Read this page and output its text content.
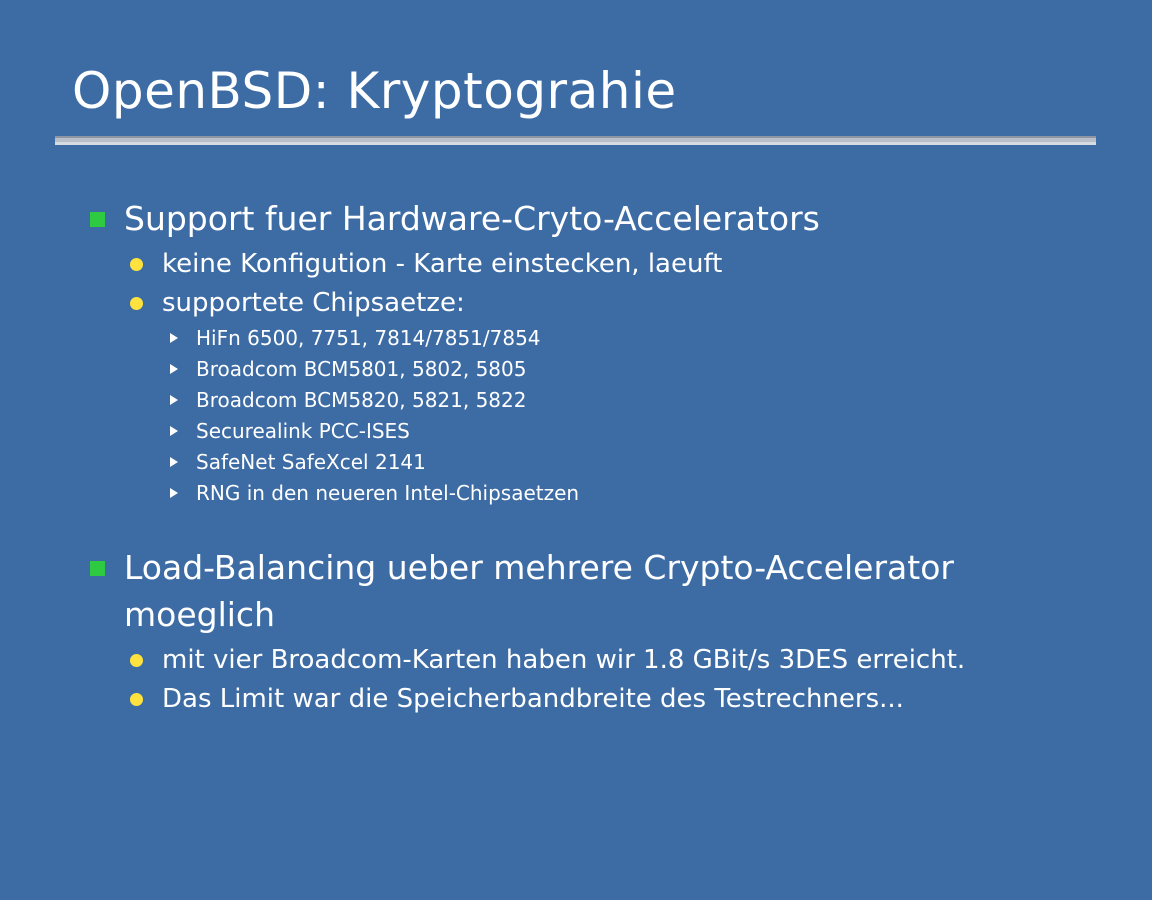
OpenBSD: Kryptograhie
Support fuer Hardware-Cryto-Accelerators
keine Konfigution - Karte einstecken, laeuft
supportete Chipsaetze:
HiFn 6500, 7751, 7814/7851/7854
Broadcom BCM5801, 5802, 5805
Broadcom BCM5820, 5821, 5822
Securealink PCC-ISES
SafeNet SafeXcel 2141
RNG in den neueren Intel-Chipsaetzen
Load-Balancing ueber mehrere Crypto-Accelerator moeglich
mit vier Broadcom-Karten haben wir 1.8 GBit/s 3DES erreicht.
Das Limit war die Speicherbandbreite des Testrechners...
